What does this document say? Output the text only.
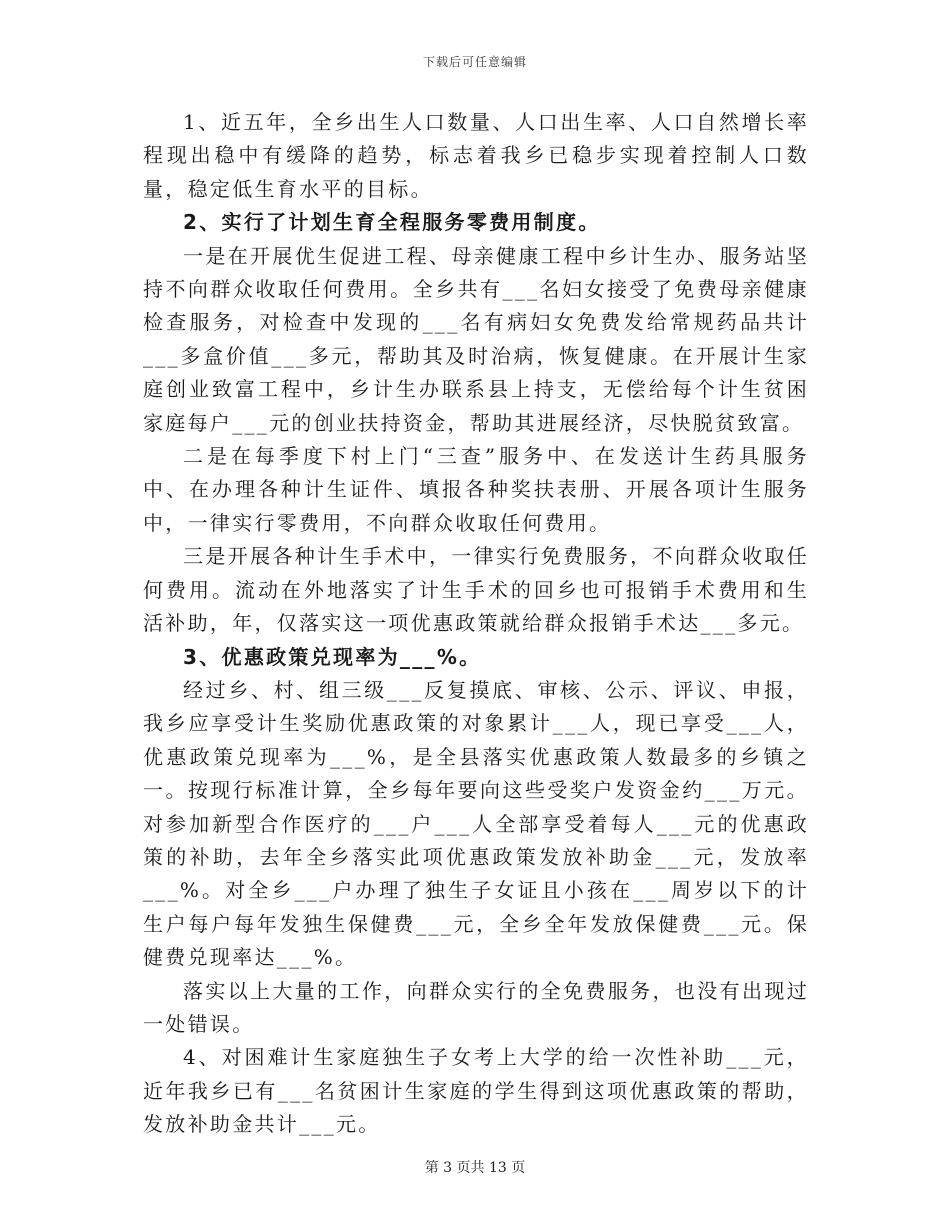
下载后可任意编辑

1、近五年，全乡出生人口数量、人口出生率、人口自然增长率程现出稳中有缓降的趋势，标志着我乡已稳步实现着控制人口数量，稳定低生育水平的目标。

2、实行了计划生育全程服务零费用制度。

一是在开展优生促进工程、母亲健康工程中乡计生办、服务站坚持不向群众收取任何费用。全乡共有___名妇女接受了免费母亲健康检查服务，对检查中发现的___名有病妇女免费发给常规药品共计___多盒价值___多元，帮助其及时治病，恢复健康。在开展计生家庭创业致富工程中，乡计生办联系县上持支，无偿给每个计生贫困家庭每户___元的创业扶持资金，帮助其进展经济，尽快脱贫致富。

二是在每季度下村上门“三查”服务中、在发送计生药具服务中、在办理各种计生证件、填报各种奖扶表册、开展各项计生服务中，一律实行零费用，不向群众收取任何费用。

三是开展各种计生手术中，一律实行免费服务，不向群众收取任何费用。流动在外地落实了计生手术的回乡也可报销手术费用和生活补助，年，仅落实这一项优惠政策就给群众报销手术达___多元。

3、优惠政策兑现率为___%。

经过乡、村、组三级___反复摸底、审核、公示、评议、申报，我乡应享受计生奖励优惠政策的对象累计___人，现已享受___人，优惠政策兑现率为___%，是全县落实优惠政策人数最多的乡镇之一。按现行标准计算，全乡每年要向这些受奖户发资金约___万元。对参加新型合作医疗的___户___人全部享受着每人___元的优惠政策的补助，去年全乡落实此项优惠政策发放补助金___元，发放率___%。对全乡___户办理了独生子女证且小孩在___周岁以下的计生户每户每年发独生保健费___元，全乡全年发放保健费___元。保健费兑现率达___%。

落实以上大量的工作，向群众实行的全免费服务，也没有出现过一处错误。

4、对困难计生家庭独生子女考上大学的给一次性补助___元，近年我乡已有___名贫困计生家庭的学生得到这项优惠政策的帮助，发放补助金共计___元。

第 3 页共 13 页
